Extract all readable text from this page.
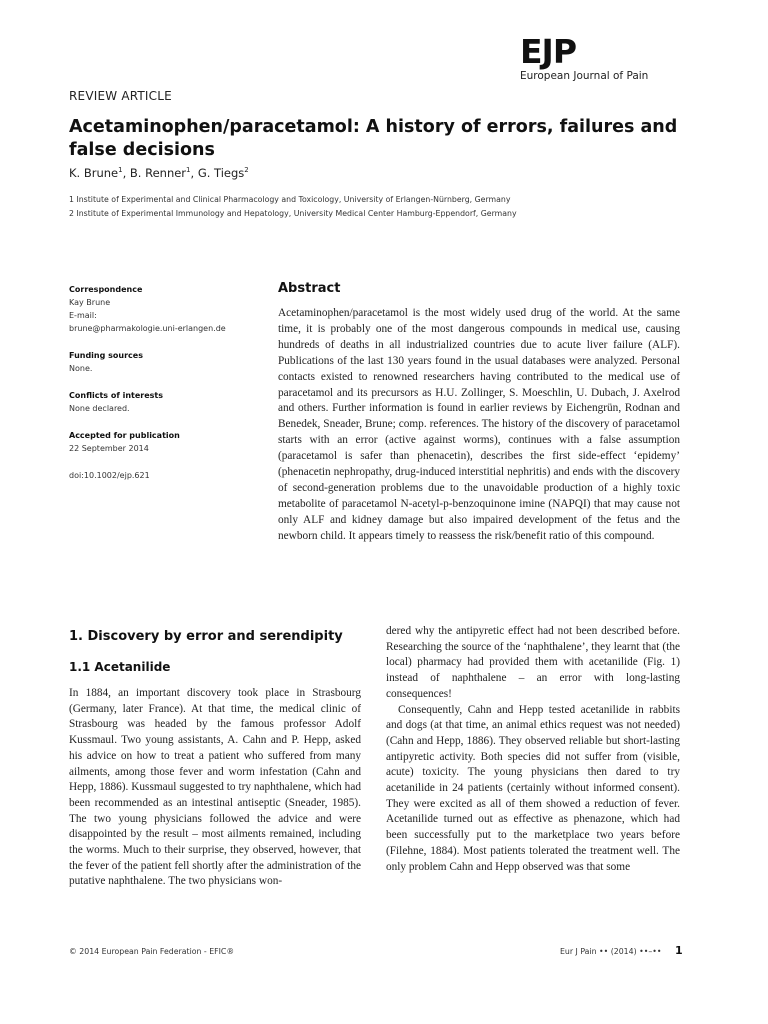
EJP
European Journal of Pain
REVIEW ARTICLE
Acetaminophen/paracetamol: A history of errors, failures and false decisions
K. Brune$^1$, B. Renner$^1$, G. Tiegs$^2$
1 Institute of Experimental and Clinical Pharmacology and Toxicology, University of Erlangen-Nürnberg, Germany
2 Institute of Experimental Immunology and Hepatology, University Medical Center Hamburg-Eppendorf, Germany
Correspondence
Kay Brune
E-mail:
brune@pharmakologie.uni-erlangen.de
Funding sources
None.
Conflicts of interests
None declared.
Accepted for publication
22 September 2014
doi:10.1002/ejp.621
Abstract
Acetaminophen/paracetamol is the most widely used drug of the world. At the same time, it is probably one of the most dangerous compounds in medical use, causing hundreds of deaths in all industrialized countries due to acute liver failure (ALF). Publications of the last 130 years found in the usual databases were analyzed. Personal contacts existed to renowned researchers having contributed to the medical use of paracetamol and its precursors as H.U. Zollinger, S. Moeschlin, U. Dubach, J. Axelrod and others. Further information is found in earlier reviews by Eichengrün, Rodnan and Benedek, Sneader, Brune; comp. references. The history of the discovery of paracetamol starts with an error (active against worms), continues with a false assumption (paracetamol is safer than phenacetin), describes the first side-effect ‘epidemy’ (phenacetin nephropathy, drug-induced interstitial nephritis) and ends with the discovery of second-generation problems due to the unavoidable production of a highly toxic metabolite of paracetamol N-acetyl-p-benzoquinone imine (NAPQI) that may cause not only ALF and kidney damage but also impaired development of the fetus and the newborn child. It appears timely to reassess the risk/benefit ratio of this compound.
1. Discovery by error and serendipity
1.1 Acetanilide
In 1884, an important discovery took place in Strasbourg (Germany, later France). At that time, the medical clinic of Strasbourg was headed by the famous professor Adolf Kussmaul. Two young assistants, A. Cahn and P. Hepp, asked his advice on how to treat a patient who suffered from many ailments, among those fever and worm infestation (Cahn and Hepp, 1886). Kussmaul suggested to try naphthalene, which had been recommended as an intestinal antiseptic (Sneader, 1985). The two young physicians followed the advice and were disappointed by the result – most ailments remained, including the worms. Much to their surprise, they observed, however, that the fever of the patient fell shortly after the administration of the putative naphthalene. The two physicians won-

dered why the antipyretic effect had not been described before. Researching the source of the ‘naphthalene’, they learnt that (the local) pharmacy had provided them with acetanilide (Fig. 1) instead of naphthalene – an error with long-lasting consequences!

Consequently, Cahn and Hepp tested acetanilide in rabbits and dogs (at that time, an animal ethics request was not needed) (Cahn and Hepp, 1886). They observed reliable but short-lasting antipyretic activity. Both species did not suffer from (visible, acute) toxicity. The young physicians then dared to try acetanilide in 24 patients (certainly without informed consent). They were excited as all of them showed a reduction of fever. Acetanilide turned out as effective as phenazone, which had been successfully put to the marketplace two years before (Filehne, 1884). Most patients tolerated the treatment well. The only problem Cahn and Hepp observed was that some

© 2014 European Pain Federation - EFIC®	Eur J Pain •• (2014) ••–•• 1
